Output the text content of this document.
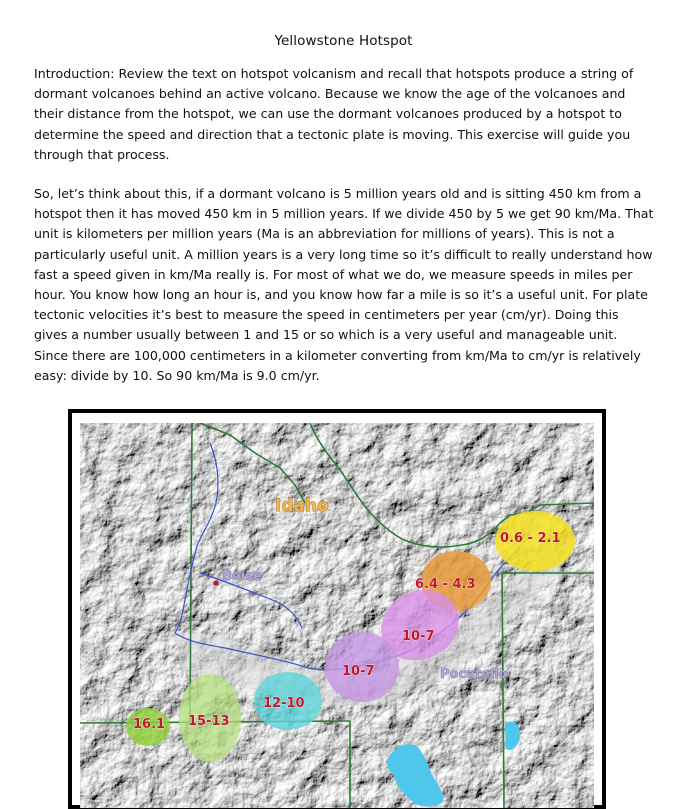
Yellowstone Hotspot

Introduction: Review the text on hotspot volcanism and recall that hotspots produce a string of dormant volcanoes behind an active volcano. Because we know the age of the volcanoes and their distance from the hotspot, we can use the dormant volcanoes produced by a hotspot to determine the speed and direction that a tectonic plate is moving. This exercise will guide you through that process.

So, let’s think about this, if a dormant volcano is 5 million years old and is sitting 450 km from a hotspot then it has moved 450 km in 5 million years. If we divide 450 by 5 we get 90 km/Ma. That unit is kilometers per million years (Ma is an abbreviation for millions of years). This is not a particularly useful unit. A million years is a very long time so it’s difficult to really understand how fast a speed given in km/Ma really is. For most of what we do, we measure speeds in miles per hour. You know how long an hour is, and you know how far a mile is so it’s a useful unit. For plate tectonic velocities it’s best to measure the speed in centimeters per year (cm/yr). Doing this gives a number usually between 1 and 15 or so which is a very useful and manageable unit. Since there are 100,000 centimeters in a kilometer converting from km/Ma to cm/yr is relatively easy: divide by 10. So 90 km/Ma is 9.0 cm/yr.

Idaho
Boise
Pocatello
0.6 - 2.1
6.4 - 4.3
10-7
10-7
12-10
15-13
16.1
